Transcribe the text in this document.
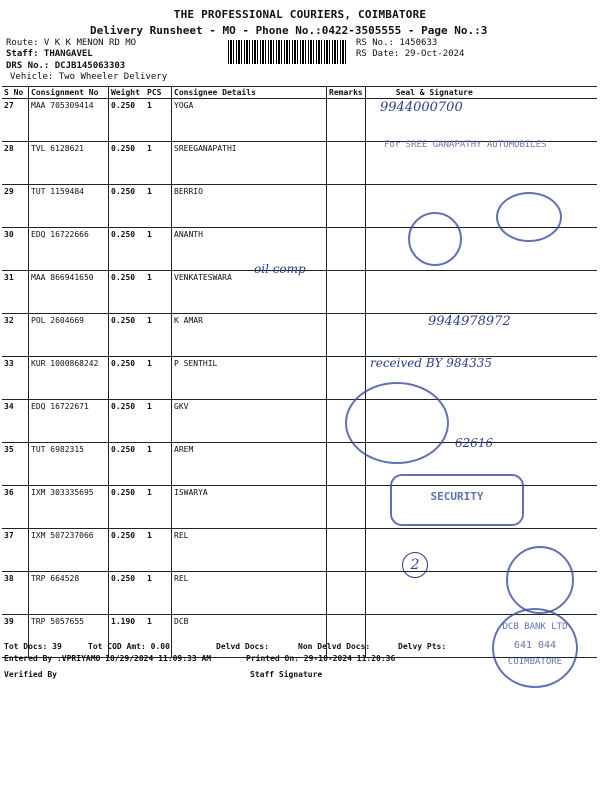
THE PROFESSIONAL COURIERS, COIMBATORE
Delivery Runsheet - MO - Phone No.:0422-3505555 - Page No.:3
Route: V K K MENON RD MO
Staff: THANGAVEL
DRS No.: DCJB145063303
Vehicle: Two Wheeler Delivery
RS No.: 1450633
RS Date: 29-Oct-2024
S No	Consignment No	Weight	PCS	Consignee Details	Remarks	Seal & Signature
27	MAA 705309414	0.250	1	YOGA		
28	TVL 6128621	0.250	1	SREEGANAPATHI		
29	TUT 1159484	0.250	1	BERRIO		
30	EDQ 16722666	0.250	1	ANANTH		
31	MAA 866941650	0.250	1	VENKATESWARA		
32	POL 2604669	0.250	1	K AMAR		
33	KUR 1000868242	0.250	1	P SENTHIL		
34	EDQ 16722671	0.250	1	GKV		
35	TUT 6982315	0.250	1	AREM		
36	IXM 303335695	0.250	1	ISWARYA		
37	IXM 507237066	0.250	1	REL		
38	TRP 664528	0.250	1	REL		
39	TRP 5057655	1.190	1	DCB		
9944000700
For SREE GANAPATHY AUTOMOBILES
oil comp
9944978972
received BY 984335
62616
SECURITY
2
DCB BANK LTD
641 044
COIMBATORE
Tot Docs: 39	Tot COD Amt: 0.00	Delvd Docs:	Non Delvd Docs:	Delvy Pts:
Entered By :VPRIYAMO 10/29/2024 11:09:33 AM	Printed On: 29-10-2024 11:20:36
Verified By	Staff Signature
